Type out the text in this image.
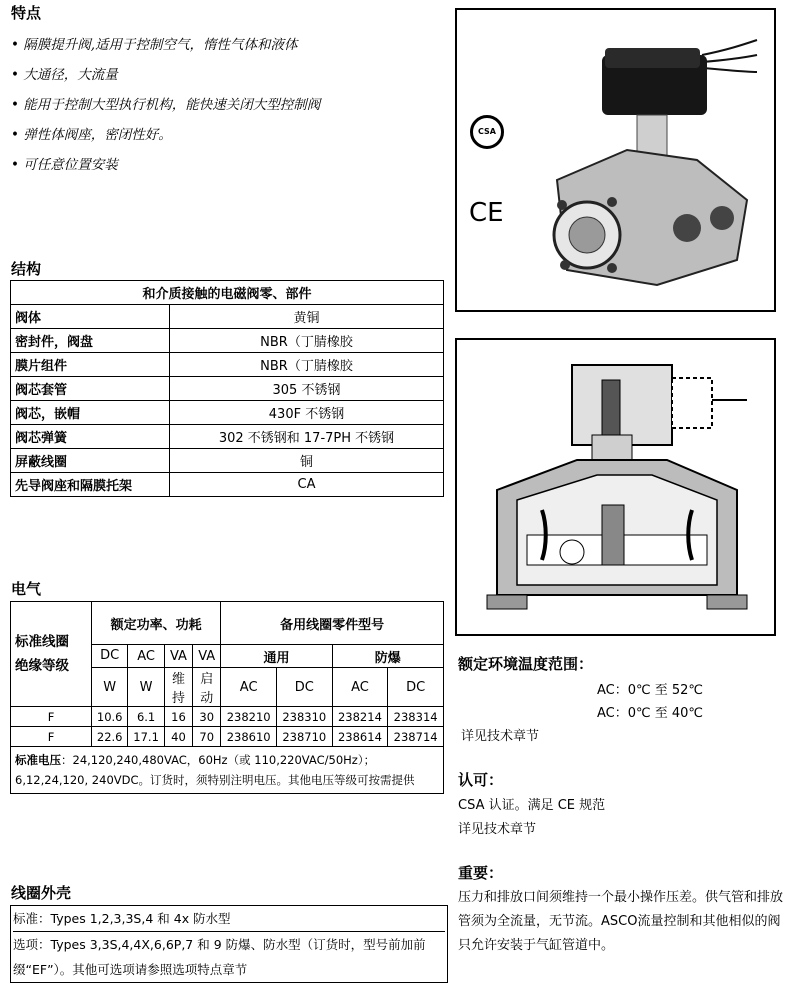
特点
• 隔膜提升阀,适用于控制空气，惰性气体和液体
• 大通径，大流量
• 能用于控制大型执行机构，能快速关闭大型控制阀
• 弹性体阀座，密闭性好。
• 可任意位置安装
结构
和介质接触的电磁阀零、部件	
阀体	黄铜
密封件，阀盘	NBR（丁腈橡胶
膜片组件	NBR（丁腈橡胶
阀芯套管	305 不锈钢
阀芯，嵌帽	430F 不锈钢
阀芯弹簧	302 不锈钢和 17-7PH 不锈钢
屏蔽线圈	铜
先导阀座和隔膜托架	CA
电气
标准线圈
绝缘等级	额定功率、功耗				备用线圈零件型号			
	DC	AC	VA	VA	通用		防爆	
	W	W	维持	启动	AC	DC	AC	DC
F	10.6	6.1	16	30	238210	238310	238214	238314
F	22.6	17.1	40	70	238610	238710	238614	238714
标准电压：24,120,240,480VAC，60Hz（或 110,220VAC/50Hz）；6,12,24,120, 240VDC。订货时，须特别注明电压。其他电压等级可按需提供								
线圈外壳
标准：Types 1,2,3,3S,4 和 4x 防水型
选项：Types 3,3S,4,4X,6,6P,7 和 9 防爆、防水型（订货时，型号前加前缀“EF”）。其他可选项请参照选项特点章节
CSA
CE
额定环境温度范围：
AC：0℃ 至 52℃
AC：0℃ 至 40℃
详见技术章节
认可：
CSA 认证。满足 CE 规范
详见技术章节
重要：
压力和排放口间须维持一个最小操作压差。供气管和排放管须为全流量，无节流。ASCO流量控制和其他相似的阀只允许安装于气缸管道中。
